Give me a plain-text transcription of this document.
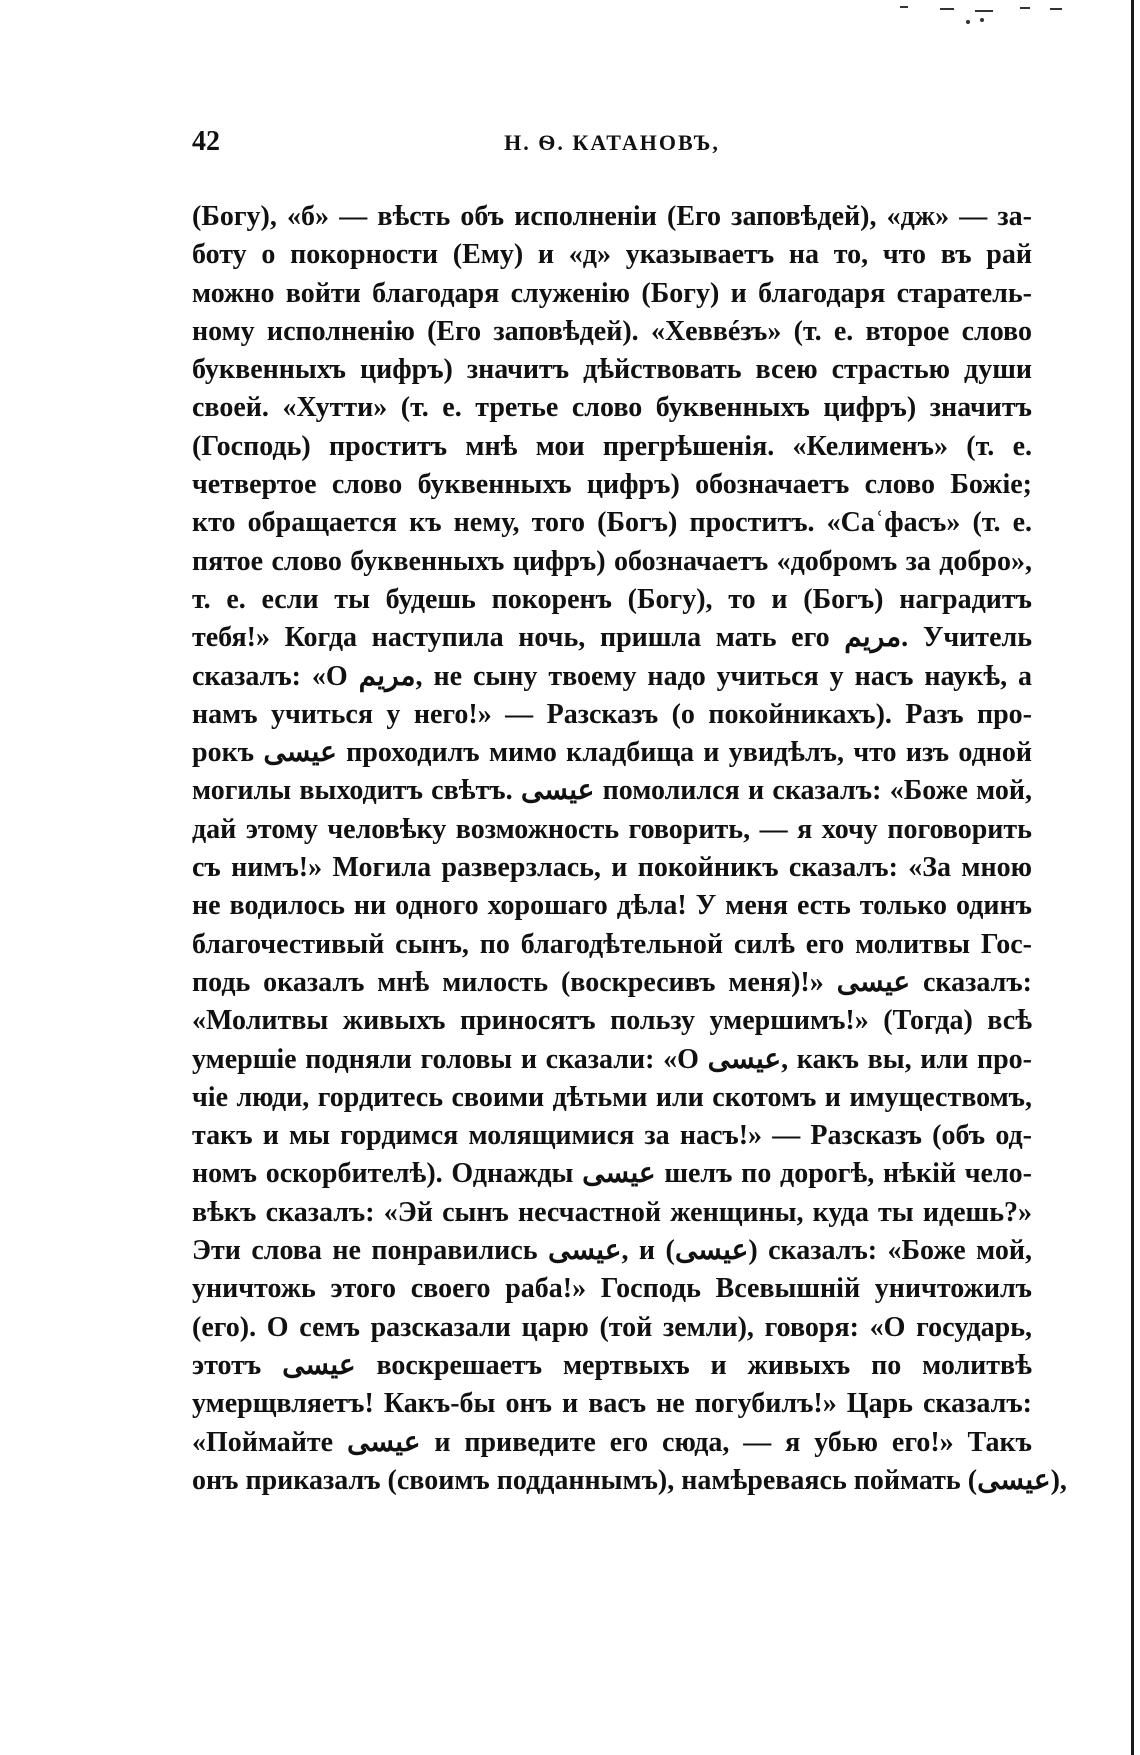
42	Н. Ѳ. КАТАНОВЪ,
(Богу), «б» — вѣсть объ исполненіи (Его заповѣдей), «дж» — за-
боту о покорности (Ему) и «д» указываетъ на то, что въ рай
можно войти благодаря служенію (Богу) и благодаря старатель-
ному исполненію (Его заповѣдей). «Хеввéзъ» (т. е. второе слово
буквенныхъ цифръ) значитъ дѣйствовать всею страстью души
своей. «Хутти» (т. е. третье слово буквенныхъ цифръ) значитъ
(Господь) проститъ мнѣ мои прегрѣшенія. «Келименъ» (т. е.
четвертое слово буквенныхъ цифръ) обозначаетъ слово Божіе;
кто обращается къ нему, того (Богъ) проститъ. «Саʿфасъ» (т. е.
пятое слово буквенныхъ цифръ) обозначаетъ «добромъ за добро»,
т. е. если ты будешь покоренъ (Богу), то и (Богъ) наградитъ
тебя!» Когда наступила ночь, пришла мать его مريم. Учитель
сказалъ: «О مريم, не сыну твоему надо учиться у насъ наукѣ, а
намъ учиться у него!» — Разсказъ (о покойникахъ). Разъ про-
рокъ عيسى проходилъ мимо кладбища и увидѣлъ, что изъ одной
могилы выходитъ свѣтъ. عيسى помолился и сказалъ: «Боже мой,
дай этому человѣку возможность говорить, — я хочу поговорить
съ нимъ!» Могила разверзлась, и покойникъ сказалъ: «За мною
не водилось ни одного хорошаго дѣла! У меня есть только одинъ
благочестивый сынъ, по благодѣтельной силѣ его молитвы Гос-
подь оказалъ мнѣ милость (воскресивъ меня)!» عيسى сказалъ:
«Молитвы живыхъ приносятъ пользу умершимъ!» (Тогда) всѣ
умершіе подняли головы и сказали: «О عيسى, какъ вы, или про-
чіе люди, гордитесь своими дѣтьми или скотомъ и имуществомъ,
такъ и мы гордимся молящимися за насъ!» — Разсказъ (объ од-
номъ оскорбителѣ). Однажды عيسى шелъ по дорогѣ, нѣкій чело-
вѣкъ сказалъ: «Эй сынъ несчастной женщины, куда ты идешь?»
Эти слова не понравились عيسى, и (عيسى) сказалъ: «Боже мой,
уничтожь этого своего раба!» Господь Всевышній уничтожилъ
(его). О семъ разсказали царю (той земли), говоря: «О государь,
этотъ عيسى воскрешаетъ мертвыхъ и живыхъ по молитвѣ
умерщвляетъ! Какъ-бы онъ и васъ не погубилъ!» Царь сказалъ:
«Поймайте عيسى и приведите его сюда, — я убью его!» Такъ
онъ приказалъ (своимъ подданнымъ), намѣреваясь поймать (عيسى),
